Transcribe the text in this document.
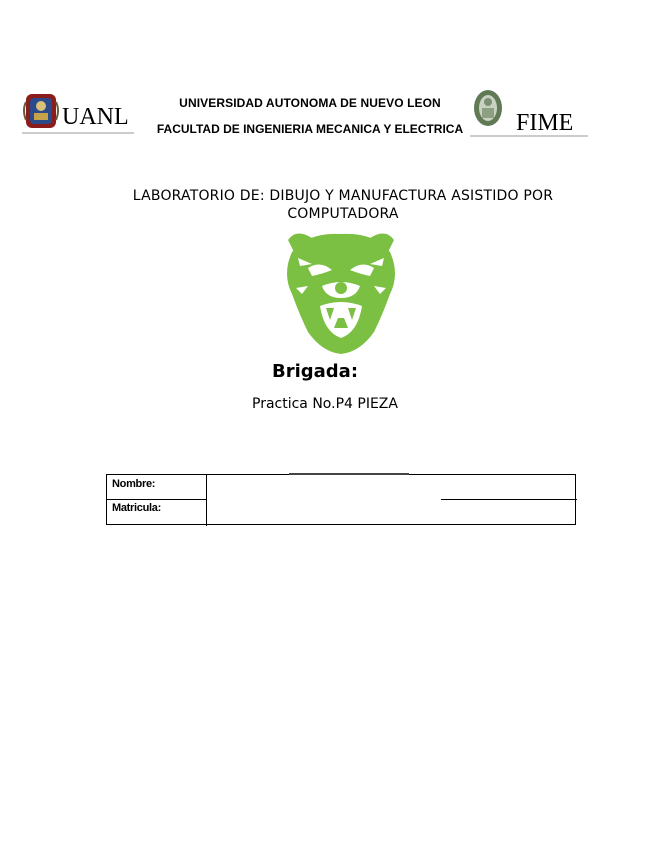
UANL
UNIVERSIDAD AUTONOMA DE NUEVO LEON
FACULTAD DE INGENIERIA MECANICA Y ELECTRICA FIME
LABORATORIO DE: DIBUJO Y MANUFACTURA ASISTIDO POR COMPUTADORA
Brigada:
Practica No.P4 PIEZA
Nombre:
Matricula:
